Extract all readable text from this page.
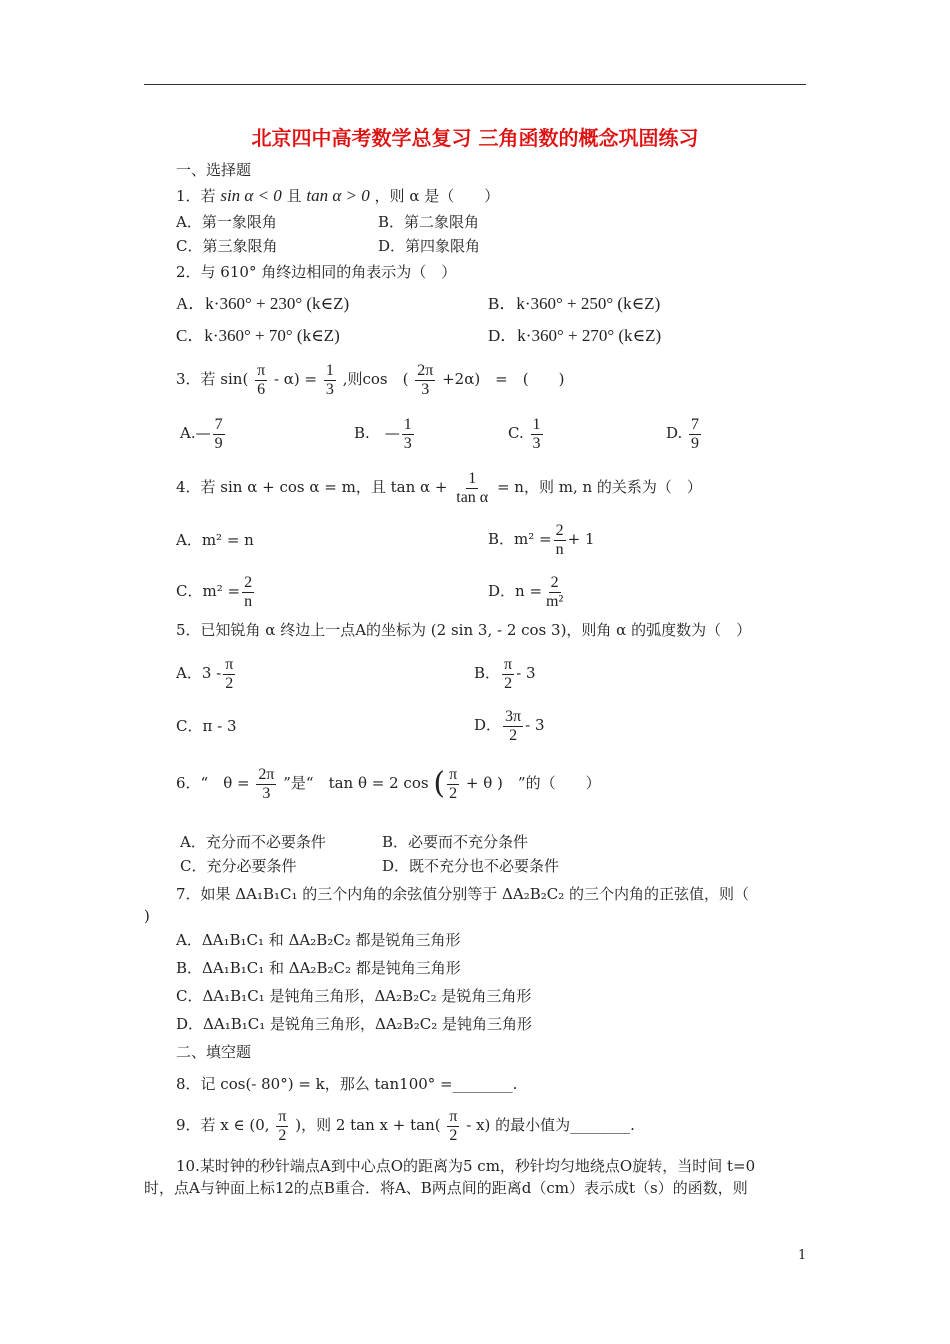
北京四中高考数学总复习 三角函数的概念巩固练习
一、选择题
1．若 sin α < 0 且 tan α > 0 ，则 α 是（　　）
A．第一象限角	B．第二象限角
C．第三象限角	D．第四象限角
2．与 610° 角终边相同的角表示为（　）
A．k·360° + 230° (k∈Z)	B．k·360° + 250° (k∈Z)
C．k·360° + 70° (k∈Z)	D．k·360° + 270° (k∈Z)
3．若 $\sin( \frac{\pi}{6} - \alpha) = \frac{1}{3}$ ,则cos　( $\frac{2\pi}{3} +2\alpha$)　=　(　　)
A.— $\frac{7}{9}$	B.　— $\frac{1}{3}$	C. $\frac{1}{3}$	D. $\frac{7}{9}$
4．若 sin α + cos α = m，且 $\tan \alpha + \frac{1}{\text{tan α}} = n$，则 m, n 的关系为（　）
A．m² = n	B．$m^2 = \frac{2}{n} + 1$
C．$m^2 = \frac{2}{n}$	D．$n = \frac{2}{\text{m²}}$
5．已知锐角 α 终边上一点A的坐标为 (2 sin 3, - 2 cos 3)，则角 α 的弧度数为（　）
A．$3 - \frac{\pi}{2}$	B． $\frac{\pi}{2} - 3$
C．π - 3	D． $\frac{3\pi}{2} - 3$
6．“　$\theta = \frac{2\pi}{3}$ ”是“　tan θ = 2 cos ( $\frac{\pi}{2} + \theta$ )　”的（　　）
A．充分而不必要条件	B．必要而不充分条件
C．充分必要条件	D．既不充分也不必要条件
7．如果 ΔA₁B₁C₁ 的三个内角的余弦值分别等于 ΔA₂B₂C₂ 的三个内角的正弦值，则（
)
A．ΔA₁B₁C₁ 和 ΔA₂B₂C₂ 都是锐角三角形
B．ΔA₁B₁C₁ 和 ΔA₂B₂C₂ 都是钝角三角形
C．ΔA₁B₁C₁ 是钝角三角形，ΔA₂B₂C₂ 是锐角三角形
D．ΔA₁B₁C₁ 是锐角三角形，ΔA₂B₂C₂ 是钝角三角形
二、填空题
8．记 cos(- 80°) = k，那么 tan100° =________.
9．若 x ∈ (0, $\frac{\pi}{2}$ )，则 2 $\tan x + \tan( \frac{\pi}{2} - x)$ 的最小值为________.
10.某时钟的秒针端点A到中心点O的距离为5 cm，秒针均匀地绕点O旋转，当时间 t=0
时，点A与钟面上标12的点B重合．将A、B两点间的距离d（cm）表示成t（s）的函数，则
1
